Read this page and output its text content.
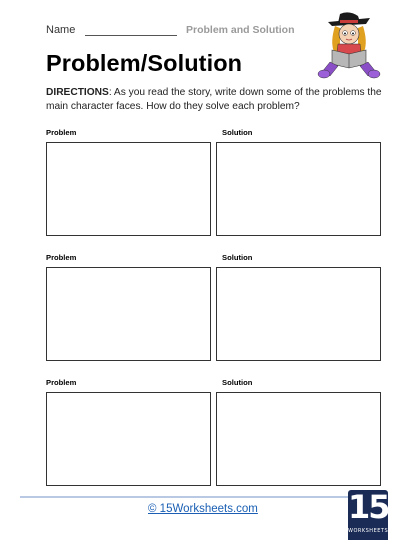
Name	Problem and Solution
Problem/Solution
DIRECTIONS: As you read the story, write down some of the problems the main character faces. How do they solve each problem?
Problem	Solution
Problem	Solution
Problem	Solution
© 15Worksheets.com	15
WORKSHEETS.COM
